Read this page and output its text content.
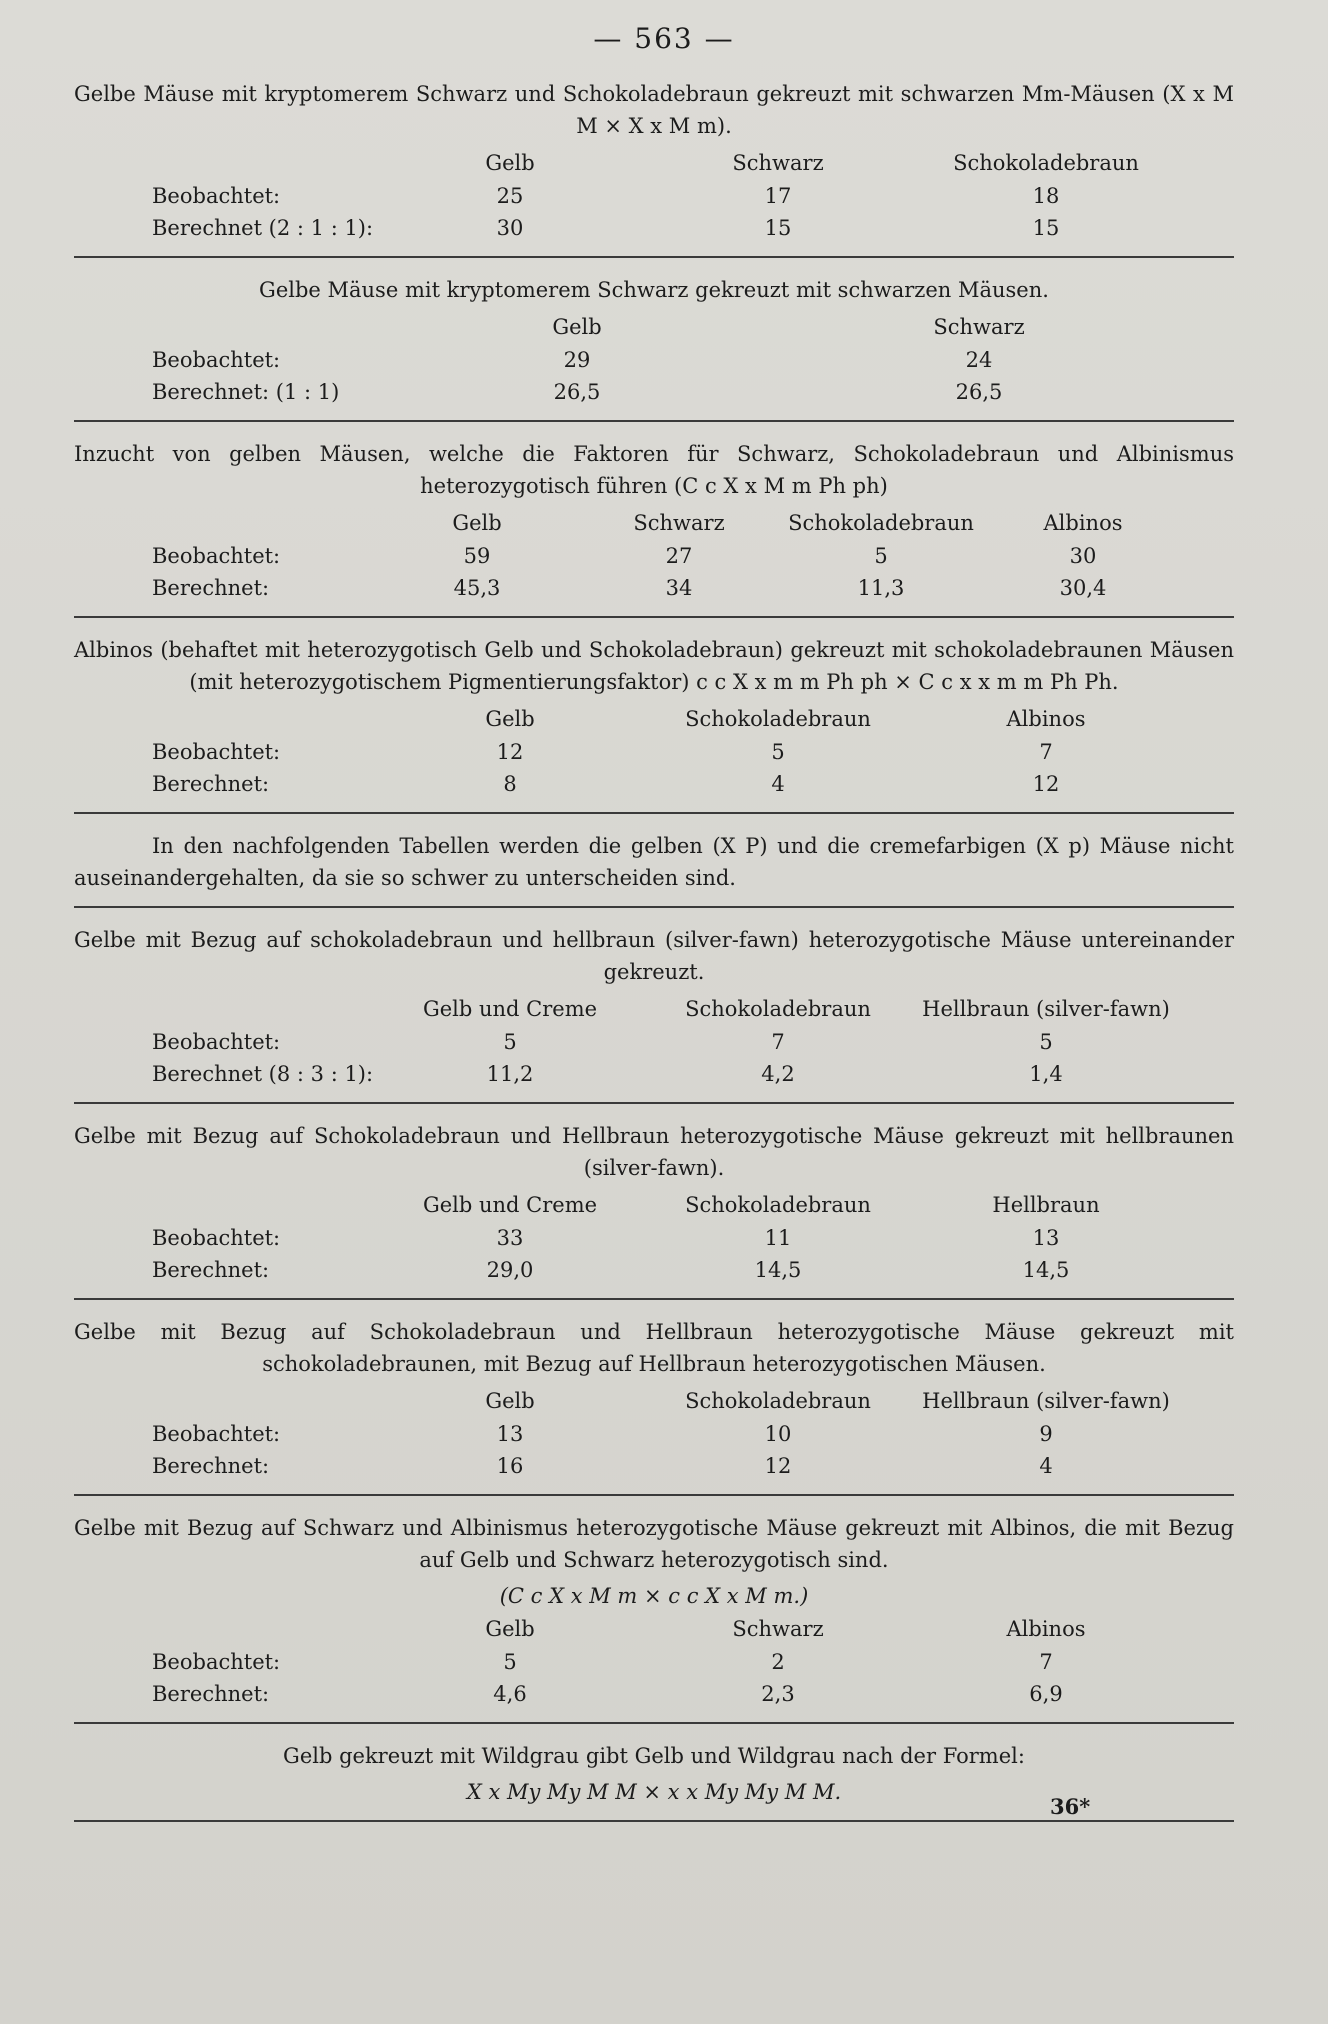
— 563 —
Gelbe Mäuse mit kryptomerem Schwarz und Schokoladebraun gekreuzt mit schwarzen Mm-Mäusen (X x M M × X x M m).
	Gelb	Schwarz	Schokoladebraun
Beobachtet:	25	17	18
Berechnet (2 : 1 : 1):	30	15	15
Gelbe Mäuse mit kryptomerem Schwarz gekreuzt mit schwarzen Mäusen.
	Gelb	Schwarz
Beobachtet:	29	24
Berechnet: (1 : 1)	26,5	26,5
Inzucht von gelben Mäusen, welche die Faktoren für Schwarz, Schokoladebraun und Albinismus heterozygotisch führen (C c X x M m Ph ph)
	Gelb	Schwarz	Schokoladebraun	Albinos
Beobachtet:	59	27	5	30
Berechnet:	45,3	34	11,3	30,4
Albinos (behaftet mit heterozygotisch Gelb und Schokoladebraun) gekreuzt mit schokoladebraunen Mäusen (mit heterozygotischem Pigmentierungsfaktor) c c X x m m Ph ph × C c x x m m Ph Ph.
	Gelb	Schokoladebraun	Albinos
Beobachtet:	12	5	7
Berechnet:	8	4	12
In den nachfolgenden Tabellen werden die gelben (X P) und die cremefarbigen (X p) Mäuse nicht auseinandergehalten, da sie so schwer zu unterscheiden sind.
Gelbe mit Bezug auf schokoladebraun und hellbraun (silver-fawn) heterozygotische Mäuse untereinander gekreuzt.
	Gelb und Creme	Schokoladebraun	Hellbraun (silver-fawn)
Beobachtet:	5	7	5
Berechnet (8 : 3 : 1):	11,2	4,2	1,4
Gelbe mit Bezug auf Schokoladebraun und Hellbraun heterozygotische Mäuse gekreuzt mit hellbraunen (silver-fawn).
	Gelb und Creme	Schokoladebraun	Hellbraun
Beobachtet:	33	11	13
Berechnet:	29,0	14,5	14,5
Gelbe mit Bezug auf Schokoladebraun und Hellbraun heterozygotische Mäuse gekreuzt mit schokoladebraunen, mit Bezug auf Hellbraun heterozygotischen Mäusen.
	Gelb	Schokoladebraun	Hellbraun (silver-fawn)
Beobachtet:	13	10	9
Berechnet:	16	12	4
Gelbe mit Bezug auf Schwarz und Albinismus heterozygotische Mäuse gekreuzt mit Albinos, die mit Bezug auf Gelb und Schwarz heterozygotisch sind.
(C c X x M m × c c X x M m.)
	Gelb	Schwarz	Albinos
Beobachtet:	5	2	7
Berechnet:	4,6	2,3	6,9
Gelb gekreuzt mit Wildgrau gibt Gelb und Wildgrau nach der Formel:
X x My My M M × x x My My M M.
36*
